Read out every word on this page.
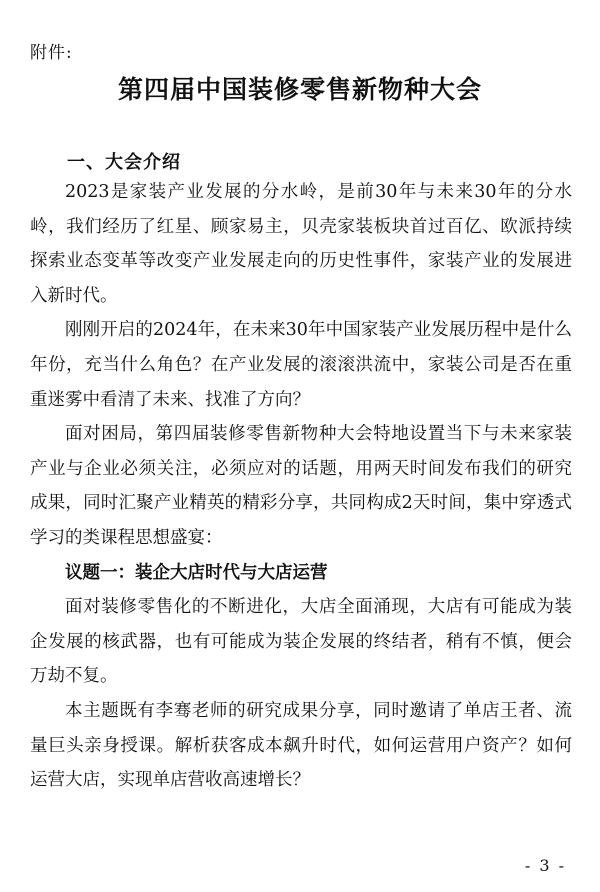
附件:
第四届中国装修零售新物种大会
一、大会介绍

2023是家装产业发展的分水岭，是前30年与未来30年的分水岭，我们经历了红星、顾家易主，贝壳家装板块首过百亿、欧派持续探索业态变革等改变产业发展走向的历史性事件，家装产业的发展进入新时代。

刚刚开启的2024年，在未来30年中国家装产业发展历程中是什么年份，充当什么角色？在产业发展的滚滚洪流中，家装公司是否在重重迷雾中看清了未来、找准了方向？

面对困局，第四届装修零售新物种大会特地设置当下与未来家装产业与企业必须关注，必须应对的话题，用两天时间发布我们的研究成果，同时汇聚产业精英的精彩分享，共同构成2天时间，集中穿透式学习的类课程思想盛宴：

议题一：装企大店时代与大店运营

面对装修零售化的不断进化，大店全面涌现，大店有可能成为装企发展的核武器，也有可能成为装企发展的终结者，稍有不慎，便会万劫不复。

本主题既有李骞老师的研究成果分享，同时邀请了单店王者、流量巨头亲身授课。解析获客成本飙升时代，如何运营用户资产？如何运营大店，实现单店营收高速增长？

- 3 -
